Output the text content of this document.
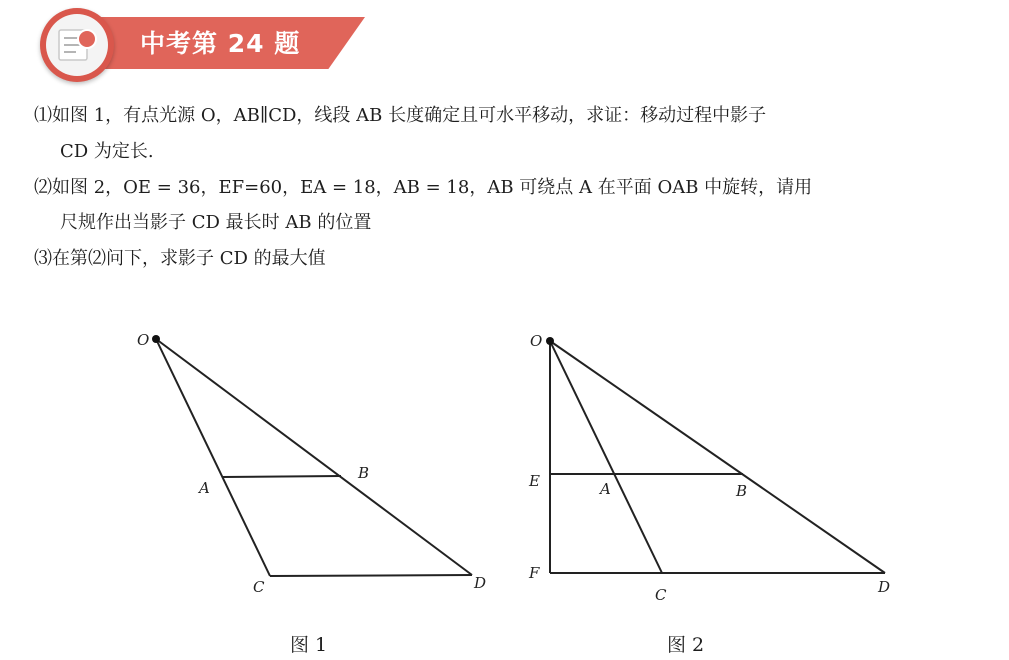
中考第 24 题
⑴如图 1，有点光源 O，AB∥CD，线段 AB 长度确定且可水平移动，求证：移动过程中影子
CD 为定长.
⑵如图 2，OE = 36，EF=60，EA = 18，AB = 18，AB 可绕点 A 在平面 OAB 中旋转，请用
尺规作出当影子 CD 最长时 AB 的位置
⑶在第⑵问下，求影子 CD 的最大值
O
A
B
C	D
O
E
F
A	B
C	D
图 1	图 2
